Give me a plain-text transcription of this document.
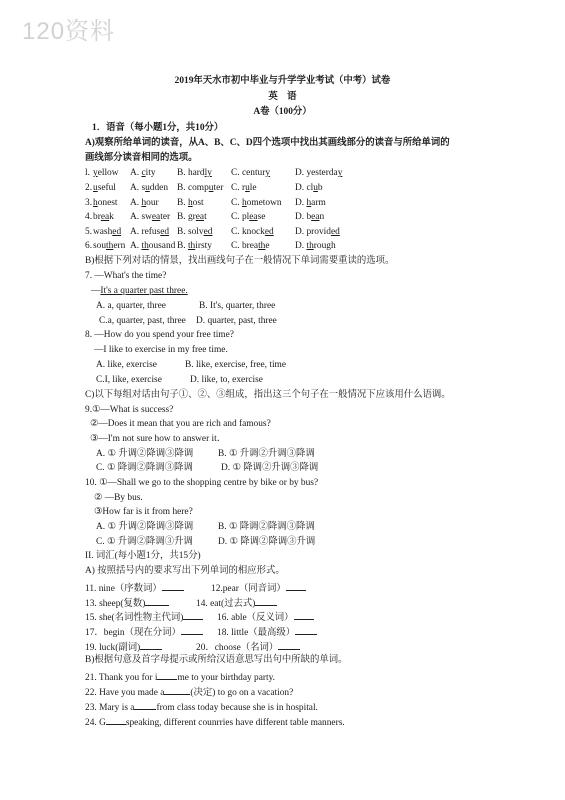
120资料
2019年天水市初中毕业与升学学业考试（中考）试卷
英　语
A卷（100分）
1．语音（每小题1分，共10分）
A)观察所给单词的读音，从A、B、C、D四个选项中找出其画线部分的读音与所给单词的
画线部分读音相同的选项。
l. yellow A. city B. hardly C. century	D. yesterday
2. useful A. sudden B. computer C. rule	D. club
3. honest A. hour B. host	C. hometown D. harm
4. break A. sweater B. great	C. please	D. bean
5. washed A. refused B. solved C. knocked D. provided
6. southern A. thousand B. thirsty C. breathe	D. through
B)根据下列对话的情景，找出画线句子在一般情况下单词需要重读的选项。
7. —What's the time?
—It's a quarter past three.
A. a, quarter, three	B. It's, quarter, three
C.a, quarter, past, three D. quarter, past, three
8. —How do you spend your free time?
—I like to exercise in my free time.
A. like, exercise	B. like, exercise, free, time
C.I, like, exercise	D. like, to, exercise
C)以下每组对话由句子①、②、③组成，指出这三个句子在一般情况下应该用什么语调。
9.①—What is success?
②—Does it mean that you are rich and famous?
③—I'm not sure how to answer it．
A. ① 升调②降调③降调	B. ① 升调②升调③降调
C. ① 降调②降调③降调	D. ① 降调②升调③降调
10. ①—Shall we go to the shopping centre by bike or by bus?
② —By bus.
③How far is it from here?
A. ① 升调②降调③降调	B. ① 降调②降调③降调
C. ① 升调②降调③升调	D. ① 降调②降调③升调
II. 词汇(每小题1分，共15分)
A) 按照括号内的要求写出下列单词的相应形式。
11. nine（序数词）	12.pear（同音词）
13. sheep(复数)	14. eat(过去式)
15. she(名词性物主代词)	16. able（反义词）
17．begin（现在分词）	18. little（最高级）
19. luck(副词)	20．choose（名词）
B)根据句意及首字母提示或所给汉语意思写出句中所缺的单词。
21. Thank you for i me to your birthday party.
22. Have you made a	(决定) to go on a vacation?
23. Mary is a from class today because she is in hospital.
24. G speaking, different counrries have different table manners.
